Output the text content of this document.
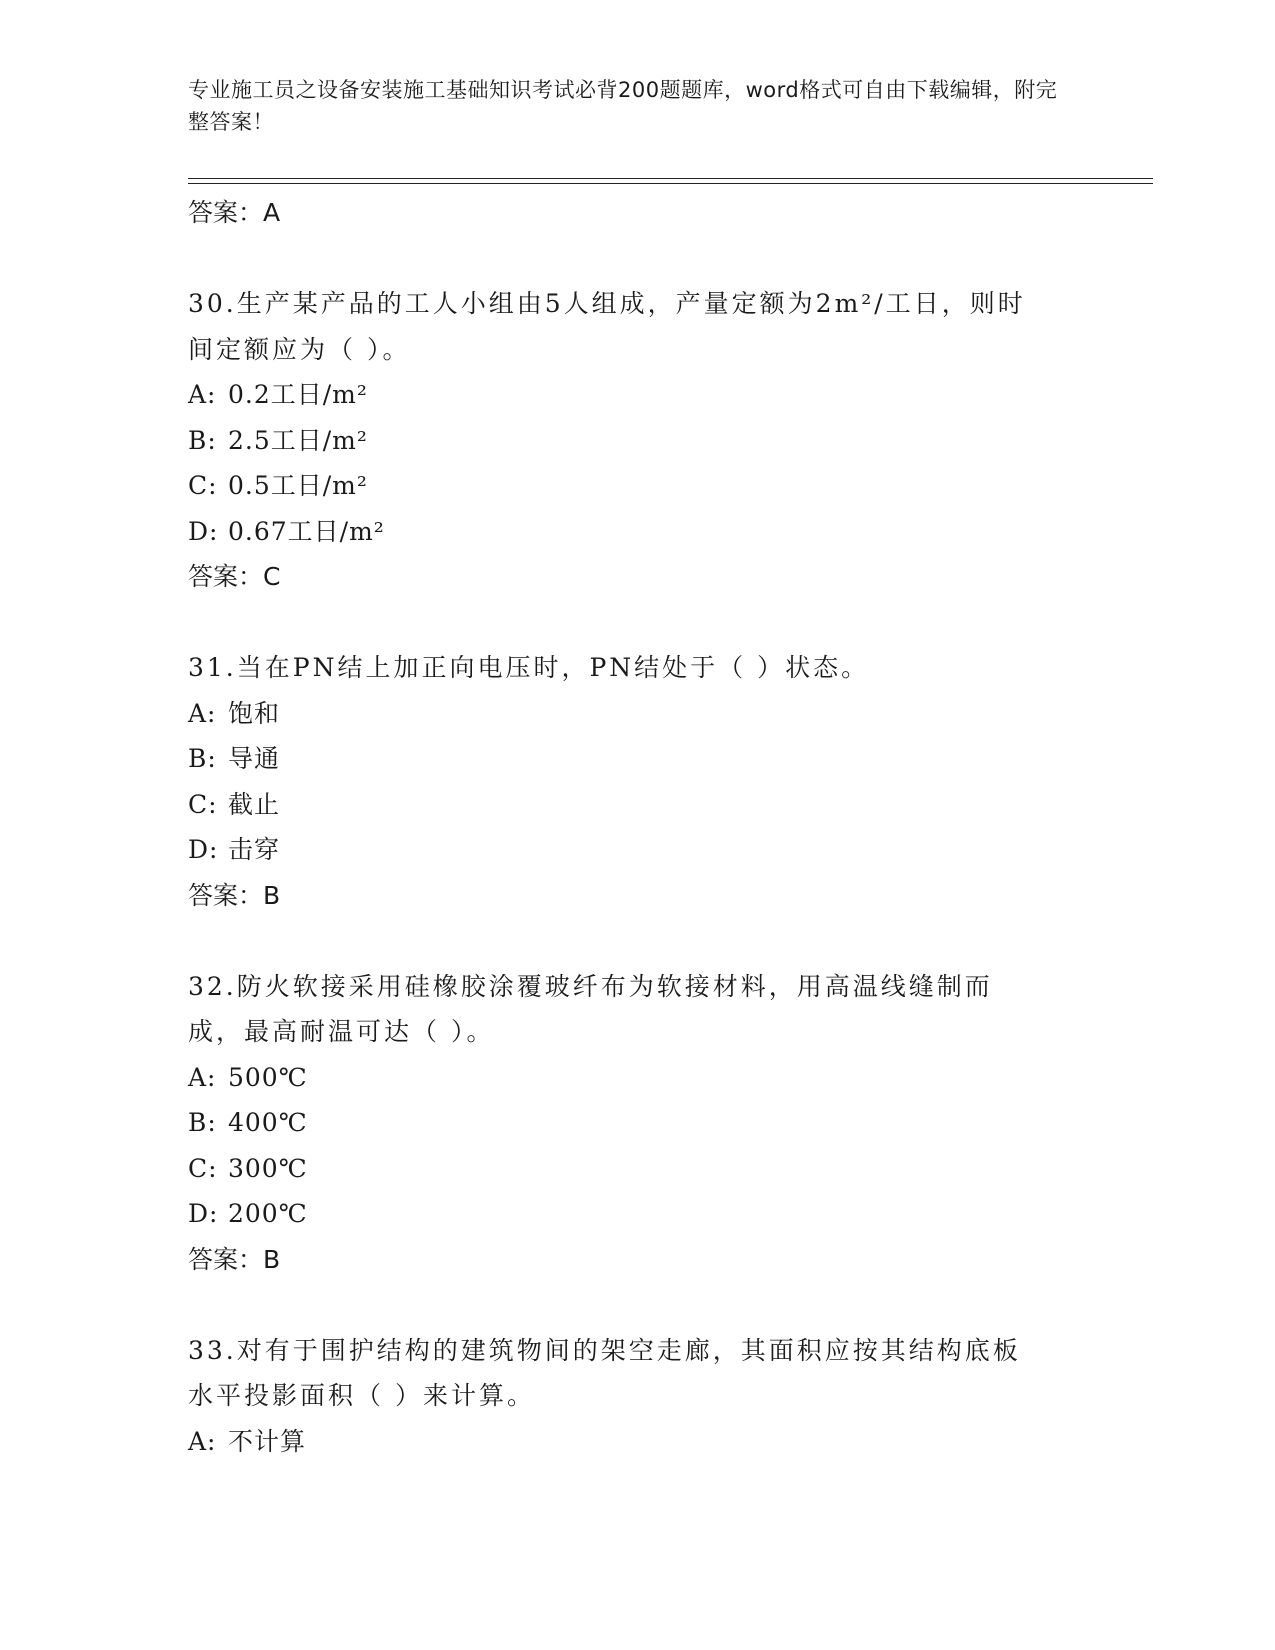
专业施工员之设备安装施工基础知识考试必背200题题库，word格式可自由下载编辑，附完整答案！

答案：A

30.生产某产品的工人小组由5人组成，产量定额为2m²/工日，则时间定额应为（ ）。

A: 0.2工日/m²

B: 2.5工日/m²

C: 0.5工日/m²

D: 0.67工日/m²

答案：C

31.当在PN结上加正向电压时，PN结处于（ ）状态。

A: 饱和

B: 导通

C: 截止

D: 击穿

答案：B

32.防火软接采用硅橡胶涂覆玻纤布为软接材料，用高温线缝制而成，最高耐温可达（ ）。

A: 500℃

B: 400℃

C: 300℃

D: 200℃

答案：B

33.对有于围护结构的建筑物间的架空走廊，其面积应按其结构底板水平投影面积（ ）来计算。

A: 不计算
